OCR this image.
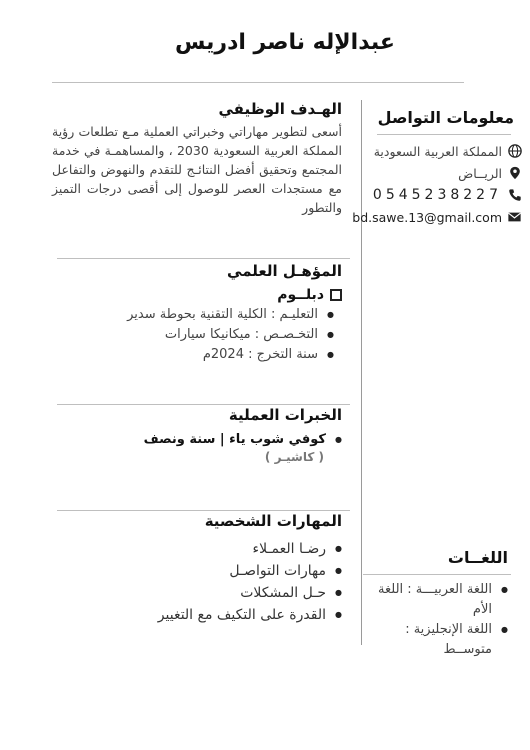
عبدالإله ناصر ادريس
معلومات التواصل
المملكة العربية السعودية
الريــاض
0545238227
bd.sawe.13@gmail.com
اللغــات
● اللغة العربيـــة : اللغة الأم
● اللغة الإنجليزية : متوســط
الهـدف الوظيفي
أسعى لتطوير مهاراتي وخبراتي العملية مـع تطلعات رؤية المملكة العربية السعودية 2030 ، والمساهمـة في خدمة المجتمع وتحقيق أفضل النتائـج للتقدم والنهوض والتفاعل مع مستجدات العصر للوصول إلى أقصى درجات التميز والتطور
المؤهـل العلمي
دبلــوم
● التعليـم : الكلية التقنية بحوطة سدير
● التخـصـص : ميكانيكا سيارات
● سنة التخرج : 2024م
الخبرات العملية
● كوفي شوب ياء | سنة ونصف
( كاشيـر )
المهارات الشخصية
● رضـا العمـلاء
● مهارات التواصـل
● حـل المشكلات
● القدرة على التكيف مع التغيير
